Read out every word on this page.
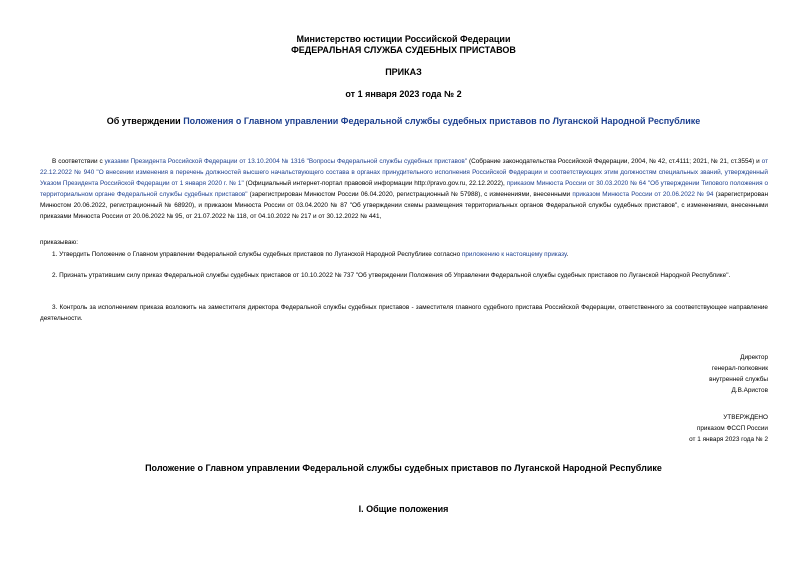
Министерство юстиции Российской Федерации
ФЕДЕРАЛЬНАЯ СЛУЖБА СУДЕБНЫХ ПРИСТАВОВ
ПРИКАЗ
от 1 января 2023 года № 2
Об утверждении Положения о Главном управлении Федеральной службы судебных приставов по Луганской Народной Республике
В соответствии с указами Президента Российской Федерации от 13.10.2004 № 1316 "Вопросы Федеральной службы судебных приставов" (Собрание законодательства Российской Федерации, 2004, № 42, ст.4111; 2021, № 21, ст.3554) и от 22.12.2022 № 940 "О внесении изменения в перечень должностей высшего начальствующего состава в органах принудительного исполнения Российской Федерации и соответствующих этим должностям специальных званий, утвержденный Указом Президента Российской Федерации от 1 января 2020 г. № 1" (Официальный интернет-портал правовой информации http://pravo.gov.ru, 22.12.2022), приказом Минюста России от 30.03.2020 № 64 "Об утверждении Типового положения о территориальном органе Федеральной службы судебных приставов" (зарегистрирован Минюстом России 06.04.2020, регистрационный № 57988), с изменениями, внесенными приказом Минюста России от 20.06.2022 № 94 (зарегистрирован Минюстом 20.06.2022, регистрационный № 68920), и приказом Минюста России от 03.04.2020 № 87 "Об утверждении схемы размещения территориальных органов Федеральной службы судебных приставов", с изменениями, внесенными приказами Минюста России от 20.06.2022 № 95, от 21.07.2022 № 118, от 04.10.2022 № 217 и от 30.12.2022 № 441,
приказываю:
1. Утвердить Положение о Главном управлении Федеральной службы судебных приставов по Луганской Народной Республике согласно приложению к настоящему приказу.
2. Признать утратившим силу приказ Федеральной службы судебных приставов от 10.10.2022 № 737 "Об утверждении Положения об Управлении Федеральной службы судебных приставов по Луганской Народной Республике".
3. Контроль за исполнением приказа возложить на заместителя директора Федеральной службы судебных приставов - заместителя главного судебного пристава Российской Федерации, ответственного за соответствующее направление деятельности.
Директор
генерал-полковник
внутренней службы
Д.В.Аристов
УТВЕРЖДЕНО
приказом ФССП России
от 1 января 2023 года № 2
Положение о Главном управлении Федеральной службы судебных приставов по Луганской Народной Республике
I. Общие положения
